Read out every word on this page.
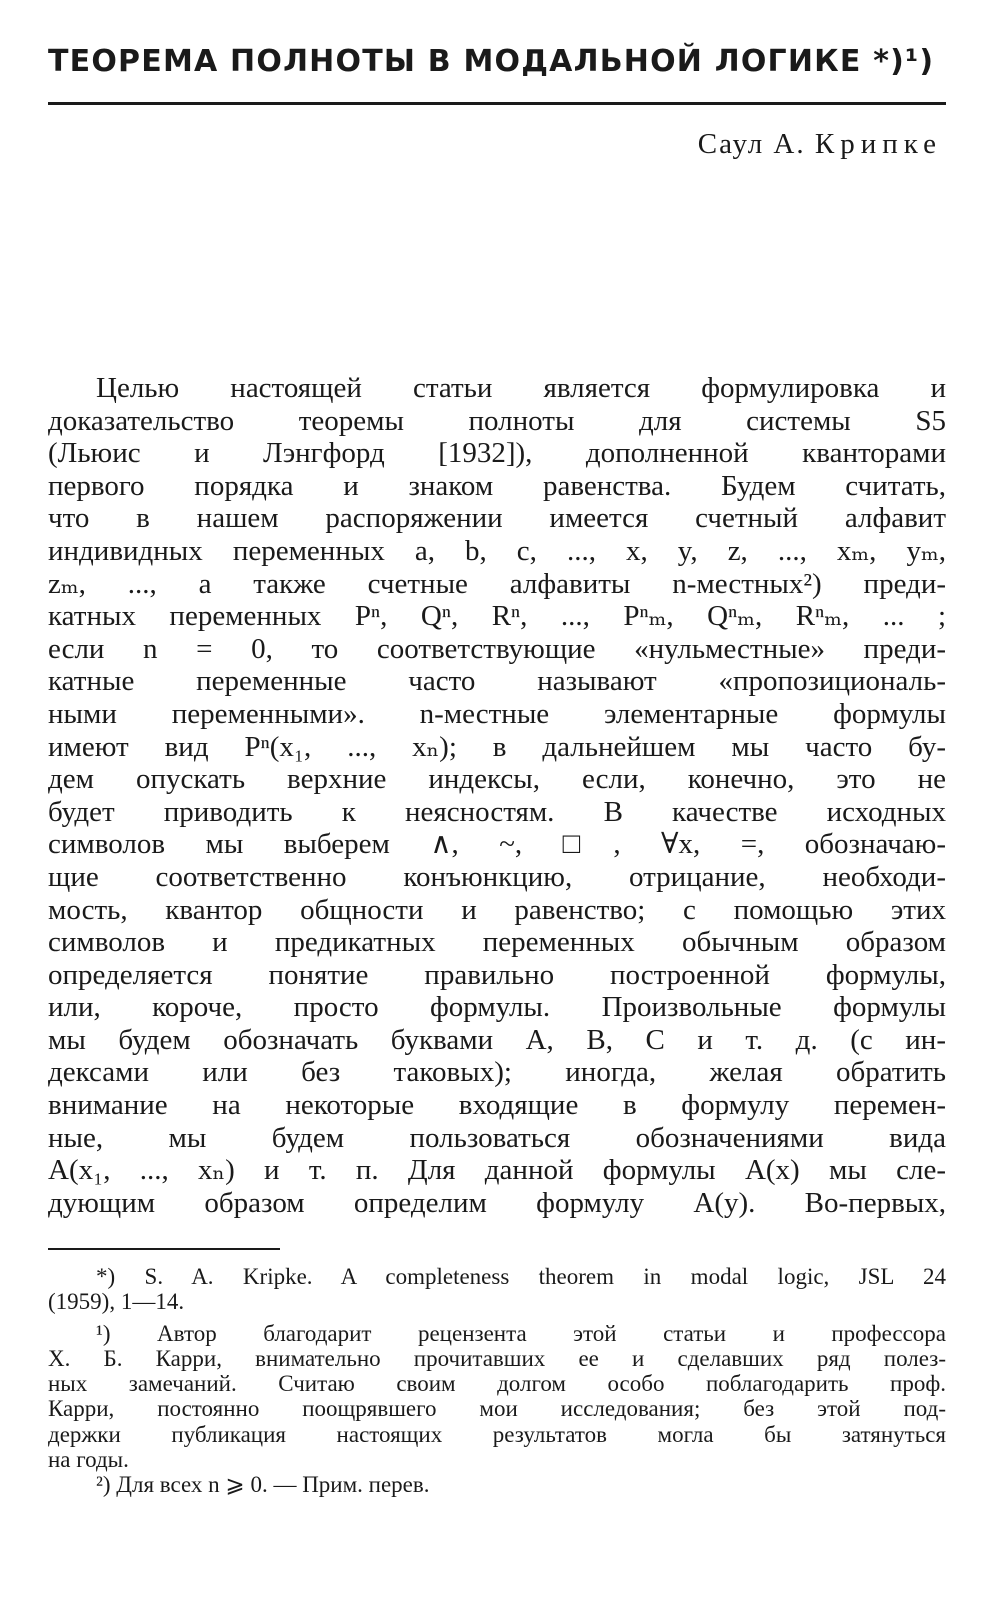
ТЕОРЕМА ПОЛНОТЫ В МОДАЛЬНОЙ ЛОГИКЕ *)¹)
Саул А. Крипке
Целью настоящей статьи является формулировка и
доказательство теоремы полноты для системы S5
(Льюис и Лэнгфорд [1932]), дополненной кванторами
первого порядка и знаком равенства. Будем считать,
что в нашем распоряжении имеется счетный алфавит
индивидных переменных a, b, c, ..., x, y, z, ..., xₘ, yₘ,
zₘ, ..., а также счетные алфавиты n-местных²) преди-
катных переменных Pⁿ, Qⁿ, Rⁿ, ..., Pⁿₘ, Qⁿₘ, Rⁿₘ, ... ;
если n = 0, то соответствующие «нульместные» преди-
катные переменные часто называют «пропозициональ-
ными переменными». n-местные элементарные формулы
имеют вид Pⁿ(x₁, ..., xₙ); в дальнейшем мы часто бу-
дем опускать верхние индексы, если, конечно, это не
будет приводить к неясностям. В качестве исходных
символов мы выберем ∧, ~, □, ∀x, =, обозначаю-
щие соответственно конъюнкцию, отрицание, необходи-
мость, квантор общности и равенство; с помощью этих
символов и предикатных переменных обычным образом
определяется понятие правильно построенной формулы,
или, короче, просто формулы. Произвольные формулы
мы будем обозначать буквами A, B, C и т. д. (с ин-
дексами или без таковых); иногда, желая обратить
внимание на некоторые входящие в формулу перемен-
ные, мы будем пользоваться обозначениями вида
A(x₁, ..., xₙ) и т. п. Для данной формулы A(x) мы сле-
дующим образом определим формулу A(y). Во-первых,
*) S. A. Kripke. A completeness theorem in modal logic, JSL 24
(1959), 1—14.
¹) Автор благодарит рецензента этой статьи и профессора
Х. Б. Карри, внимательно прочитавших ее и сделавших ряд полез-
ных замечаний. Считаю своим долгом особо поблагодарить проф.
Карри, постоянно поощрявшего мои исследования; без этой под-
держки публикация настоящих результатов могла бы затянуться
на годы.
²) Для всех n ⩾ 0. — Прим. перев.
